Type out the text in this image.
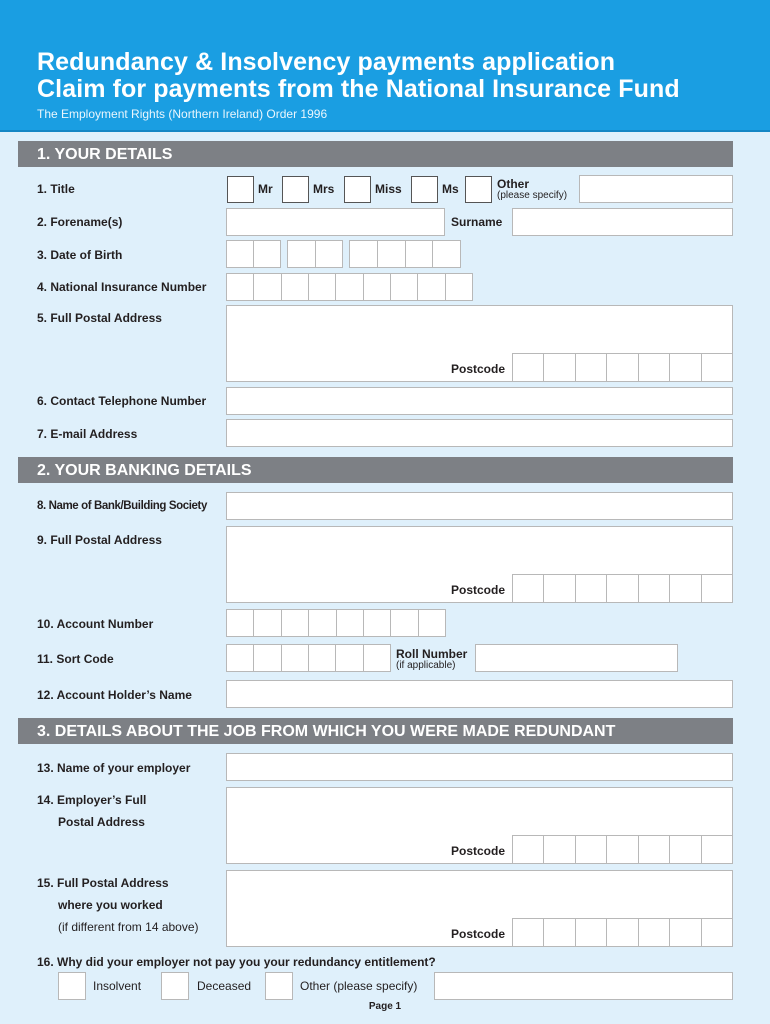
Redundancy & Insolvency payments application
Claim for payments from the National Insurance Fund
The Employment Rights (Northern Ireland) Order 1996
1. YOUR DETAILS
1. Title	Mr	Mrs	Miss	Ms	Other
(please specify)
2. Forename(s)	Surname
3. Date of Birth
4. National Insurance Number
5. Full Postal Address
Postcode
6. Contact Telephone Number
7. E-mail Address
2. YOUR BANKING DETAILS
8. Name of Bank/Building Society
9. Full Postal Address
Postcode
10. Account Number
11. Sort Code	Roll Number
(if applicable)
12. Account Holder’s Name
3. DETAILS ABOUT THE JOB FROM WHICH YOU WERE MADE REDUNDANT
13. Name of your employer
14. Employer’s Full
Postal Address
Postcode
15. Full Postal Address
where you worked
(if different from 14 above)	Postcode
16. Why did your employer not pay you your redundancy entitlement?
Insolvent	Deceased	Other (please specify)
Page 1
